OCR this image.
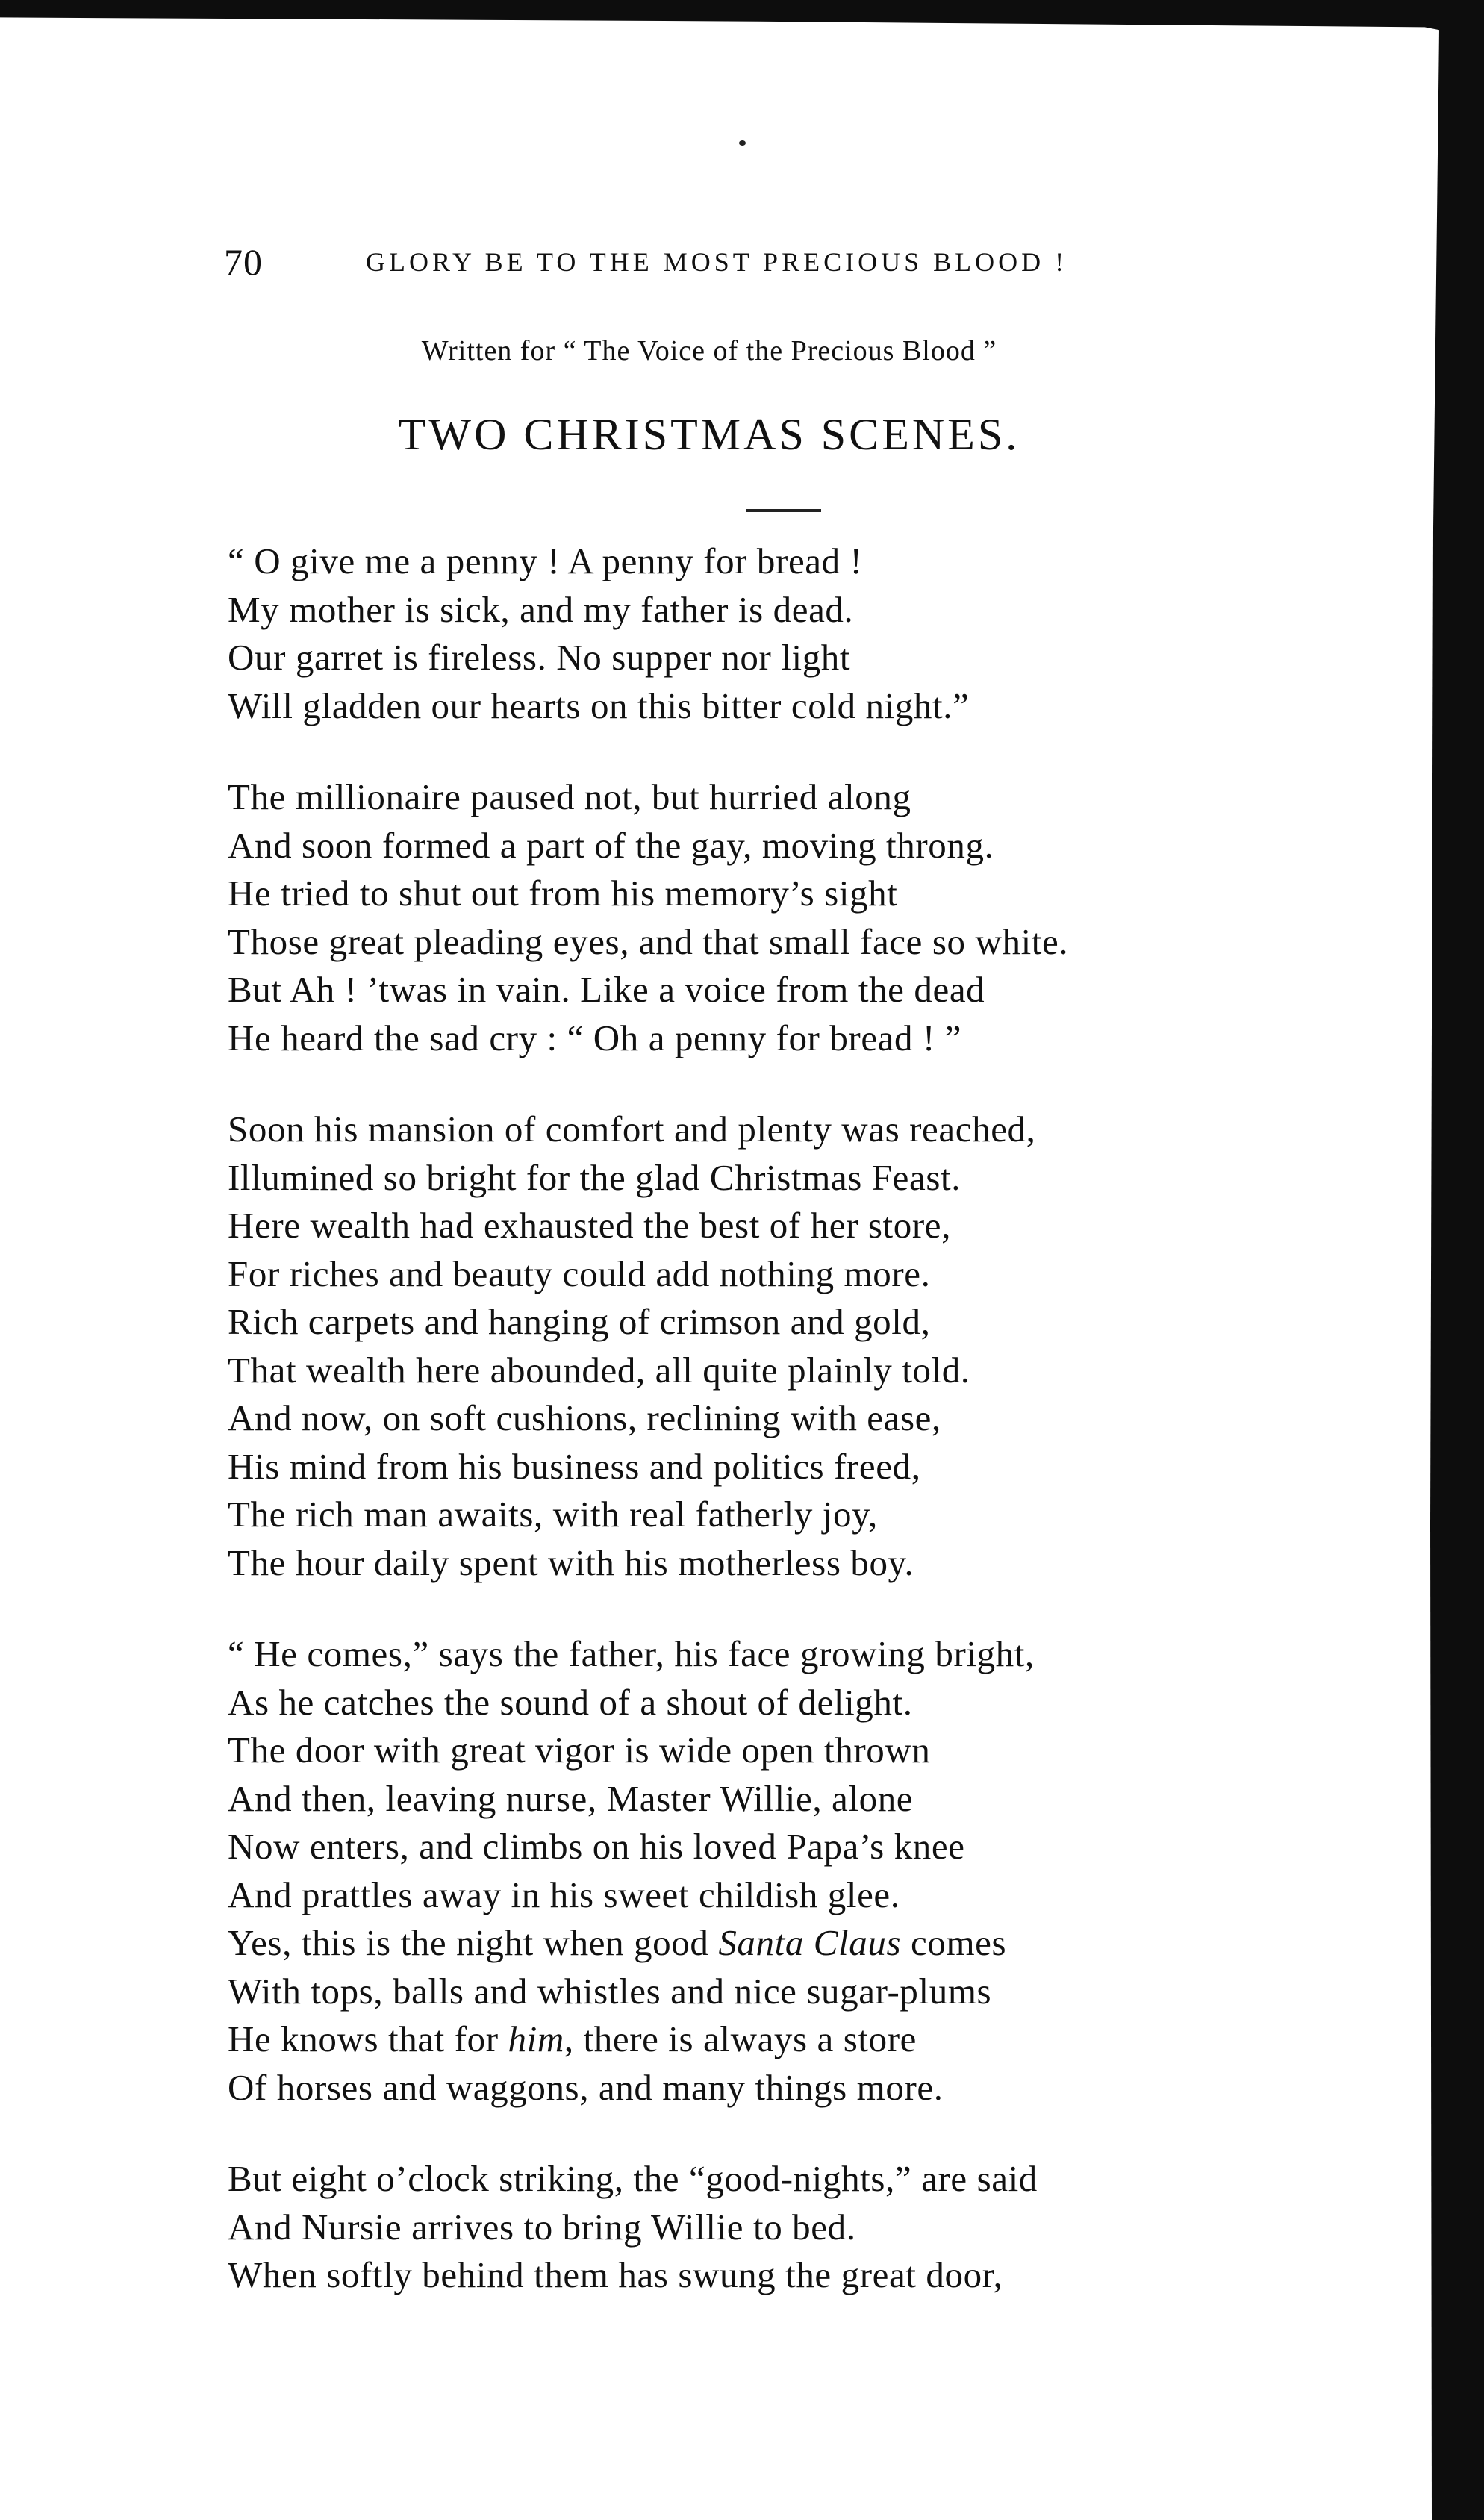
70	GLORY BE TO THE MOST PRECIOUS BLOOD !
Written for “ The Voice of the Precious Blood ”
TWO CHRISTMAS SCENES.
“ O give me a penny ! A penny for bread !
My mother is sick, and my father is dead.
Our garret is fireless. No supper nor light
Will gladden our hearts on this bitter cold night.”
The millionaire paused not, but hurried along
And soon formed a part of the gay, moving throng.
He tried to shut out from his memory’s sight
Those great pleading eyes, and that small face so white.
But Ah ! ’twas in vain. Like a voice from the dead
He heard the sad cry : “ Oh a penny for bread ! ”
Soon his mansion of comfort and plenty was reached,
Illumined so bright for the glad Christmas Feast.
Here wealth had exhausted the best of her store,
For riches and beauty could add nothing more.
Rich carpets and hanging of crimson and gold,
That wealth here abounded, all quite plainly told.
And now, on soft cushions, reclining with ease,
His mind from his business and politics freed,
The rich man awaits, with real fatherly joy,
The hour daily spent with his motherless boy.
“ He comes,” says the father, his face growing bright,
As he catches the sound of a shout of delight.
The door with great vigor is wide open thrown
And then, leaving nurse, Master Willie, alone
Now enters, and climbs on his loved Papa’s knee
And prattles away in his sweet childish glee.
Yes, this is the night when good Santa Claus comes
With tops, balls and whistles and nice sugar-plums
He knows that for him, there is always a store
Of horses and waggons, and many things more.
But eight o’clock striking, the “good-nights,” are said
And Nursie arrives to bring Willie to bed.
When softly behind them has swung the great door,
